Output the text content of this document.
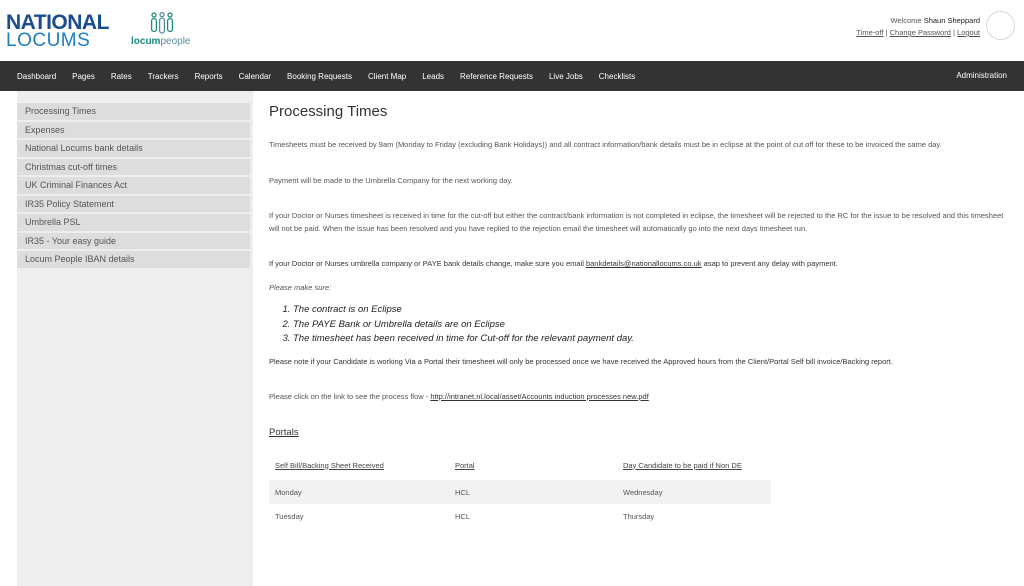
NATIONAL
LOCUMS	locumpeople
Welcome Shaun Sheppard
Time-off | Change Password | Logout
Dashboard	Pages	Rates	Trackers	Reports	Calendar	Booking Requests	Client Map	Leads	Reference Requests	Live Jobs	Checklists	Administration
Processing Times
Expenses
National Locums bank details
Christmas cut-off times
UK Criminal Finances Act
IR35 Policy Statement
Umbrella PSL
IR35 - Your easy guide
Locum People IBAN details
Processing Times

Timesheets must be received by 9am (Monday to Friday (excluding Bank Holidays)) and all contract information/bank details must be in eclipse at the point of cut off for these to be invoiced the same day.

Payment will be made to the Umbrella Company for the next working day.

If your Doctor or Nurses timesheet is received in time for the cut-off but either the contract/bank information is not completed in eclipse, the timesheet will be rejected to the RC for the issue to be resolved and this timesheet will not be paid. When the issue has been resolved and you have replied to the rejection email the timesheet will automatically go into the next days timesheet run.

If your Doctor or Nurses umbrella company or PAYE bank details change, make sure you email bankdetails@nationallocums.co.uk asap to prevent any delay with payment.

Please make sure:

1. The contract is on Eclipse
2. The PAYE Bank or Umbrella details are on Eclipse
3. The timesheet has been received in time for Cut-off for the relevant payment day.

Please note if your Candidate is working Via a Portal their timesheet will only be processed once we have received the Approved hours from the Client/Portal Self bill invoice/Backing report.

Please click on the link to see the process flow - http://intranet.nl.local/asset/Accounts induction processes new.pdf

Portals
Self Bill/Backing Sheet Received	Portal	Day Candidate to be paid if Non DE
Monday	HCL	Wednesday
Tuesday	HCL	Thursday
